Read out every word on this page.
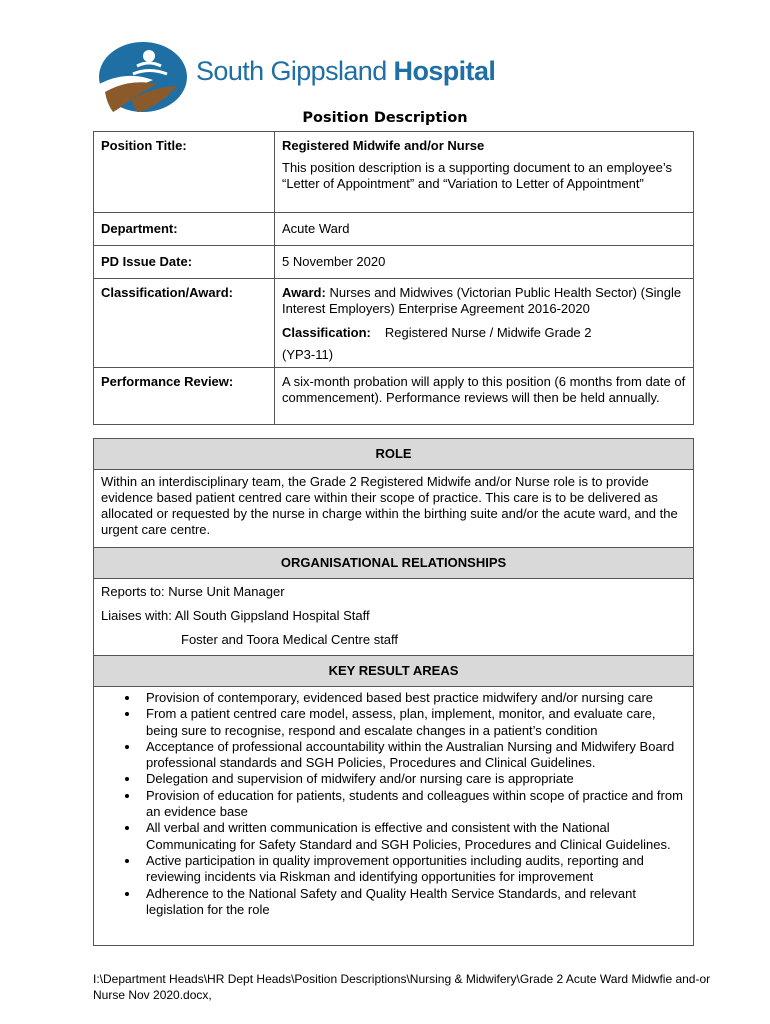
South Gippsland Hospital
Position Description
Position Title:	Registered Midwife and/or Nurse
This position description is a supporting document to an employee’s “Letter of Appointment” and “Variation to Letter of Appointment”

Department:	Acute Ward
PD Issue Date:	5 November 2020
Classification/Award:	Award: Nurses and Midwives (Victorian Public Health Sector) (Single Interest Employers) Enterprise Agreement 2016-2020
Classification: Registered Nurse / Midwife Grade 2
(YP3-11)

Performance Review:	A six-month probation will apply to this position (6 months from date of commencement). Performance reviews will then be held annually.
ROLE
Within an interdisciplinary team, the Grade 2 Registered Midwife and/or Nurse role is to provide evidence based patient centred care within their scope of practice. This care is to be delivered as allocated or requested by the nurse in charge within the birthing suite and/or the acute ward, and the urgent care centre.
ORGANISATIONAL RELATIONSHIPS
Reports to: Nurse Unit Manager
Liaises with: All South Gippsland Hospital Staff
Foster and Toora Medical Centre staff
KEY RESULT AREAS
• Provision of contemporary, evidenced based best practice midwifery and/or nursing care
• From a patient centred care model, assess, plan, implement, monitor, and evaluate care, being sure to recognise, respond and escalate changes in a patient’s condition
• Acceptance of professional accountability within the Australian Nursing and Midwifery Board professional standards and SGH Policies, Procedures and Clinical Guidelines.
• Delegation and supervision of midwifery and/or nursing care is appropriate
• Provision of education for patients, students and colleagues within scope of practice and from an evidence base
• All verbal and written communication is effective and consistent with the National Communicating for Safety Standard and SGH Policies, Procedures and Clinical Guidelines.
• Active participation in quality improvement opportunities including audits, reporting and reviewing incidents via Riskman and identifying opportunities for improvement
• Adherence to the National Safety and Quality Health Service Standards, and relevant legislation for the role
I:\Department Heads\HR Dept Heads\Position Descriptions\Nursing & Midwifery\Grade 2 Acute Ward Midwfie and-or Nurse Nov 2020.docx,
